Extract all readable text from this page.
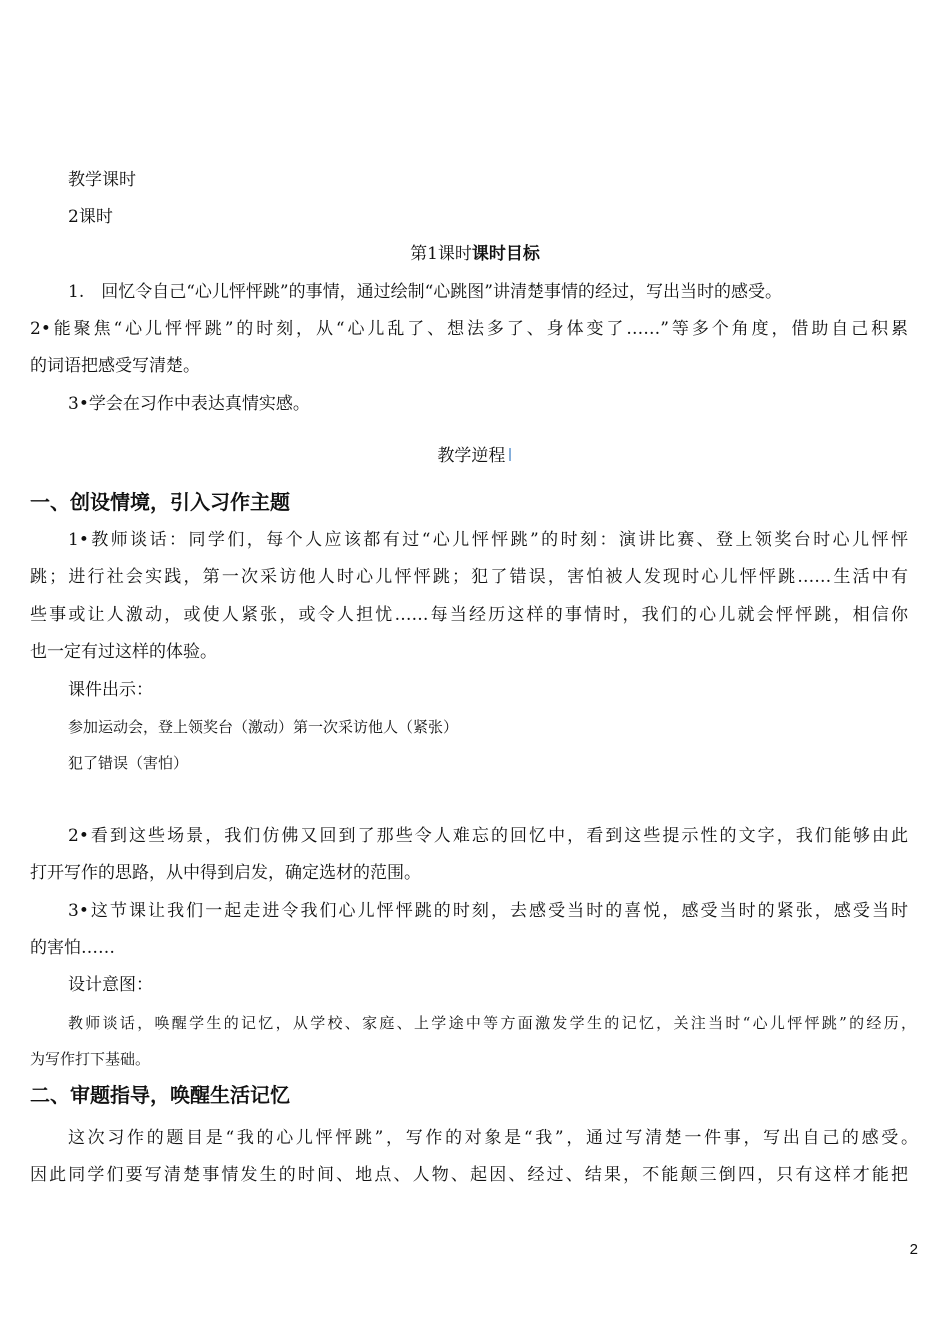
教学课时
2课时
第1课时课时目标
1.　回忆令自己“心儿怦怦跳”的事情，通过绘制“心跳图”讲清楚事情的经过，写出当时的感受。
2•能聚焦“心儿怦怦跳”的时刻，从“心儿乱了、想法多了、身体变了……”等多个角度，借助自己积累
的词语把感受写清楚。
3•学会在习作中表达真情实感。
教学逆程 I
一、创设情境，引入习作主题
1•教师谈话：同学们，每个人应该都有过“心儿怦怦跳”的时刻：演讲比赛、登上领奖台时心儿怦怦
跳；进行社会实践，第一次采访他人时心儿怦怦跳；犯了错误，害怕被人发现时心儿怦怦跳……生活中有
些事或让人激动，或使人紧张，或令人担忧……每当经历这样的事情时，我们的心儿就会怦怦跳，相信你
也一定有过这样的体验。
课件出示：
参加运动会，登上领奖台（激动）第一次采访他人（紧张）
犯了错误（害怕）
2•看到这些场景，我们仿佛又回到了那些令人难忘的回忆中，看到这些提示性的文字，我们能够由此
打开写作的思路，从中得到启发，确定选材的范围。
3•这节课让我们一起走进令我们心儿怦怦跳的时刻，去感受当时的喜悦，感受当时的紧张，感受当时
的害怕……
设计意图：
教师谈话，唤醒学生的记忆，从学校、家庭、上学途中等方面激发学生的记忆，关注当时“心儿怦怦跳”的经历，
为写作打下基础。
二、审题指导，唤醒生活记忆
这次习作的题目是“我的心儿怦怦跳”，写作的对象是“我”，通过写清楚一件事，写出自己的感受。
因此同学们要写清楚事情发生的时间、地点、人物、起因、经过、结果，不能颠三倒四，只有这样才能把
2
